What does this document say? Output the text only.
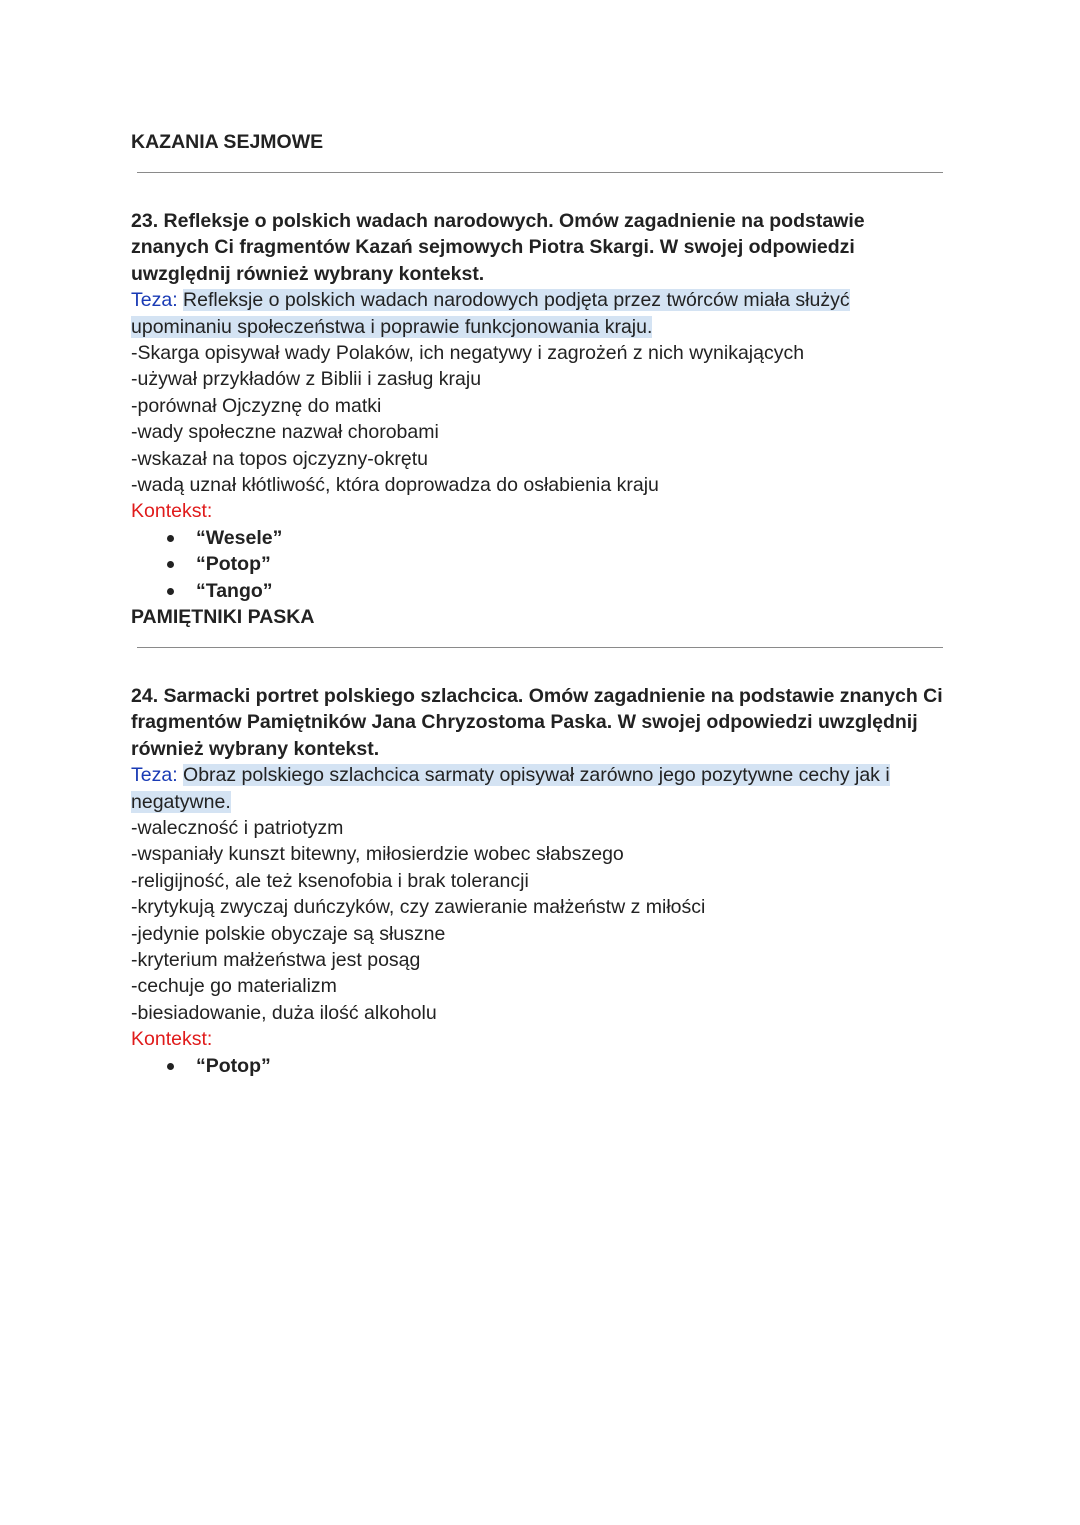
KAZANIA SEJMOWE

23. Refleksje o polskich wadach narodowych. Omów zagadnienie na podstawie znanych Ci fragmentów Kazań sejmowych Piotra Skargi. W swojej odpowiedzi uwzględnij również wybrany kontekst.

Teza: Refleksje o polskich wadach narodowych podjęta przez twórców miała służyć upominaniu społeczeństwa i poprawie funkcjonowania kraju.

-Skarga opisywał wady Polaków, ich negatywy i zagrożeń z nich wynikających

-używał przykładów z Biblii i zasług kraju

-porównał Ojczyznę do matki

-wady społeczne nazwał chorobami

-wskazał na topos ojczyzny-okrętu

-wadą uznał kłótliwość, która doprowadza do osłabienia kraju

Kontekst:

“Wesele”
“Potop”
“Tango”
PAMIĘTNIKI PASKA

24. Sarmacki portret polskiego szlachcica. Omów zagadnienie na podstawie znanych Ci fragmentów Pamiętników Jana Chryzostoma Paska. W swojej odpowiedzi uwzględnij również wybrany kontekst.

Teza: Obraz polskiego szlachcica sarmaty opisywał zarówno jego pozytywne cechy jak i negatywne.

-waleczność i patriotyzm

-wspaniały kunszt bitewny, miłosierdzie wobec słabszego

-religijność, ale też ksenofobia i brak tolerancji

-krytykują zwyczaj duńczyków, czy zawieranie małżeństw z miłości

-jedynie polskie obyczaje są słuszne

-kryterium małżeństwa jest posąg

-cechuje go materializm

-biesiadowanie, duża ilość alkoholu

Kontekst:

“Potop”
